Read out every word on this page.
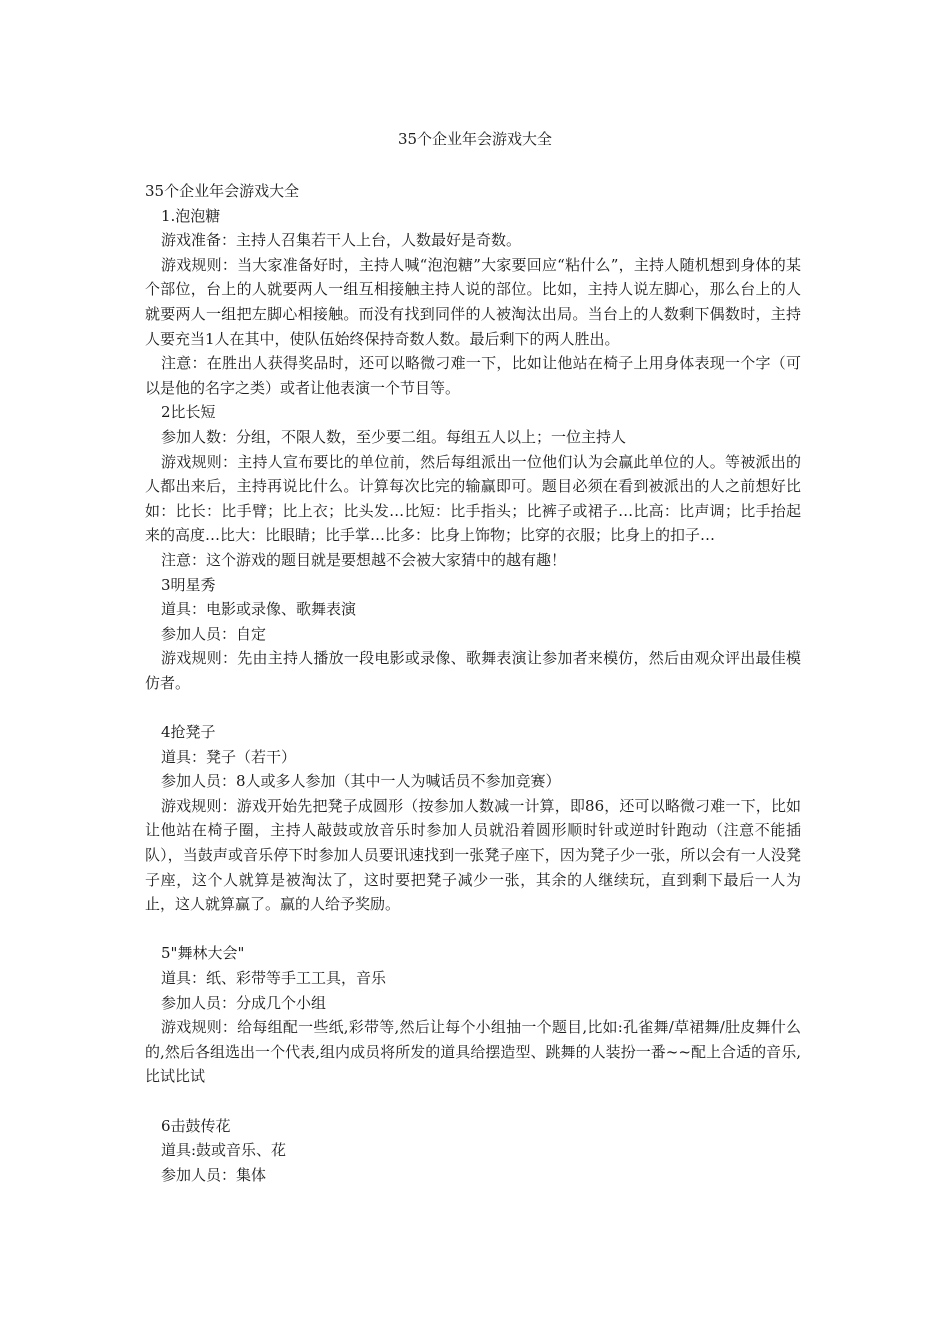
35个企业年会游戏大全

35个企业年会游戏大全

1.泡泡糖

游戏准备：主持人召集若干人上台，人数最好是奇数。

游戏规则：当大家准备好时，主持人喊“泡泡糖”大家要回应“粘什么”，主持人随机想到身体的某个部位，台上的人就要两人一组互相接触主持人说的部位。比如，主持人说左脚心，那么台上的人就要两人一组把左脚心相接触。而没有找到同伴的人被淘汰出局。当台上的人数剩下偶数时，主持人要充当1人在其中，使队伍始终保持奇数人数。最后剩下的两人胜出。

注意：在胜出人获得奖品时，还可以略微刁难一下，比如让他站在椅子上用身体表现一个字（可以是他的名字之类）或者让他表演一个节目等。

2比长短

参加人数：分组，不限人数，至少要二组。每组五人以上；一位主持人

游戏规则：主持人宣布要比的单位前，然后每组派出一位他们认为会赢此单位的人。等被派出的人都出来后，主持再说比什么。计算每次比完的输赢即可。题目必须在看到被派出的人之前想好比如：比长：比手臂；比上衣；比头发…比短：比手指头；比裤子或裙子…比高：比声调；比手抬起来的高度…比大：比眼睛；比手掌…比多：比身上饰物；比穿的衣服；比身上的扣子…

注意：这个游戏的题目就是要想越不会被大家猜中的越有趣！

3明星秀

道具：电影或录像、歌舞表演

参加人员：自定

游戏规则：先由主持人播放一段电影或录像、歌舞表演让参加者来模仿，然后由观众评出最佳模仿者。

4抢凳子

道具：凳子（若干）

参加人员：8人或多人参加（其中一人为喊话员不参加竞赛）

游戏规则：游戏开始先把凳子成圆形（按参加人数减一计算，即86，还可以略微刁难一下，比如让他站在椅子圈，主持人敲鼓或放音乐时参加人员就沿着圆形顺时针或逆时针跑动（注意不能插队），当鼓声或音乐停下时参加人员要讯速找到一张凳子座下，因为凳子少一张，所以会有一人没凳子座，这个人就算是被淘汰了，这时要把凳子减少一张，其余的人继续玩，直到剩下最后一人为止，这人就算赢了。赢的人给予奖励。

5"舞林大会"

道具：纸、彩带等手工工具，音乐

参加人员：分成几个小组

游戏规则：给每组配一些纸,彩带等,然后让每个小组抽一个题目,比如:孔雀舞/草裙舞/肚皮舞什么的,然后各组选出一个代表,组内成员将所发的道具给摆造型、跳舞的人装扮一番~~配上合适的音乐,比试比试

6击鼓传花

道具:鼓或音乐、花

参加人员：集体
